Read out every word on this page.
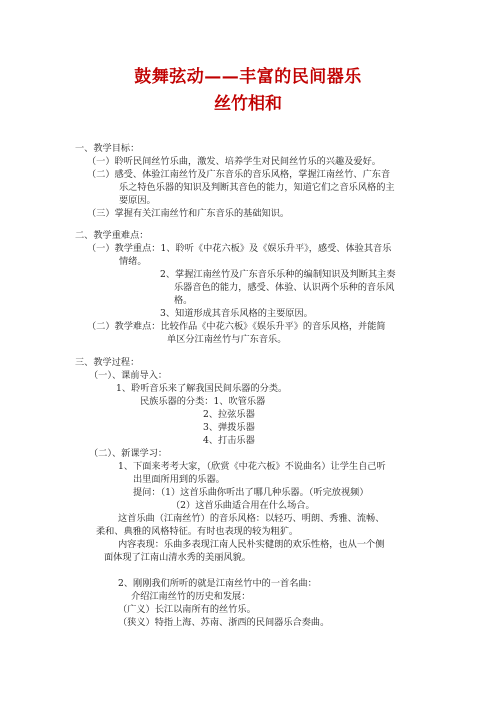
鼓舞弦动——丰富的民间器乐
丝竹相和
一、教学目标：
（一）聆听民间丝竹乐曲，激发、培养学生对民间丝竹乐的兴趣及爱好。
（二）感受、体验江南丝竹及广东音乐的音乐风格，掌握江南丝竹、广东音
乐之特色乐器的知识及判断其音色的能力，知道它们之音乐风格的主
要原因。
（三）掌握有关江南丝竹和广东音乐的基础知识。
二、教学重难点：
（一）教学重点：1、聆听《中花六板》及《娱乐升平》，感受、体验其音乐
情绪。
2、掌握江南丝竹及广东音乐乐种的编制知识及判断其主奏
乐器音色的能力，感受、体验、认识两个乐种的音乐风
格。
3、知道形成其音乐风格的主要原因。
（二）教学难点：比较作品《中花六板》《娱乐升平》的音乐风格，并能简
单区分江南丝竹与广东音乐。
三、教学过程：
（一）、课前导入：
1、聆听音乐来了解我国民间乐器的分类。
民族乐器的分类：1、吹管乐器
2、拉弦乐器
3、弹拨乐器
4、打击乐器
（二）、新课学习：
1、下面来考考大家，（欣赏《中花六板》不说曲名）让学生自己听
出里面所用到的乐器。
提问：（1）这首乐曲你听出了哪几种乐器。（听完放视频）
（2）这首乐曲适合用在什么场合。
这首乐曲（江南丝竹）的音乐风格：以轻巧、明朗、秀雅、流畅、
柔和、典雅的风格特征。有时也表现的较为粗犷。
内容表现：乐曲多表现江南人民朴实健朗的欢乐性格，也从一个侧
面体现了江南山清水秀的美丽风貌。
2、刚刚我们所听的就是江南丝竹中的一首名曲：
介绍江南丝竹的历史和发展：
（广义）长江以南所有的丝竹乐。
（狭义）特指上海、苏南、浙西的民间器乐合奏曲。
